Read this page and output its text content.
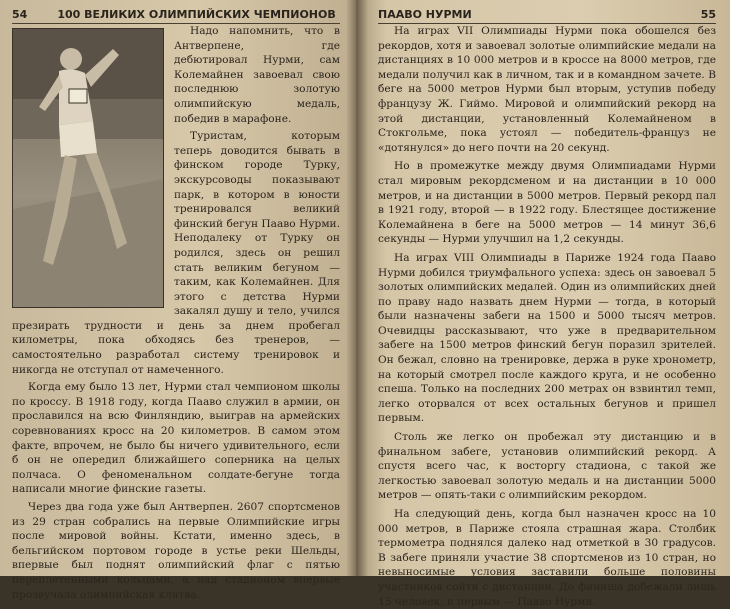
54	100 ВЕЛИКИХ ОЛИМПИЙСКИХ ЧЕМПИОНОВ

Надо напомнить, что в Антверпене, где дебютировал Нурми, сам Колемайнен завоевал свою последнюю золотую олимпийскую медаль, победив в марафоне.

Туристам, которым теперь доводится бывать в финском городе Турку, экскурсоводы показывают парк, в котором в юности тренировался великий финский бегун Пааво Нурми. Неподалеку от Турку он родился, здесь он решил стать великим бегуном — таким, как Колемайнен. Для этого с детства Нурми закалял душу и тело, учился презирать трудности и день за днем пробегал километры, пока обходясь без тренеров, — самостоятельно разработал систему тренировок и никогда не отступал от намеченного.

Когда ему было 13 лет, Нурми стал чемпионом школы по кроссу. В 1918 году, когда Пааво служил в армии, он прославился на всю Финляндию, выиграв на армейских соревнованиях кросс на 20 километров. В самом этом факте, впрочем, не было бы ничего удивительного, если б он не опередил ближайшего соперника на целых полчаса. О феноменальном солдате-бегуне тогда написали многие финские газеты.

Через два года уже был Антверпен. 2607 спортсменов из 29 стран собрались на первые Олимпийские игры после мировой войны. Кстати, именно здесь, в бельгийском портовом городе в устье реки Шельды, впервые был поднят олимпийский флаг с пятью переплетенными кольцами, а над стадионом впервые прозвучала олимпийская клятва.

ПААВО НУРМИ	55

На играх VII Олимпиады Нурми пока обошелся без рекордов, хотя и завоевал золотые олимпийские медали на дистанциях в 10 000 метров и в кроссе на 8000 метров, где медали получил как в личном, так и в командном зачете. В беге на 5000 метров Нурми был вторым, уступив победу французу Ж. Гиймо. Мировой и олимпийский рекорд на этой дистанции, установленный Колемайненом в Стокгольме, пока устоял — победитель-француз не «дотянулся» до него почти на 20 секунд.

Но в промежутке между двумя Олимпиадами Нурми стал мировым рекордсменом и на дистанции в 10 000 метров, и на дистанции в 5000 метров. Первый рекорд пал в 1921 году, второй — в 1922 году. Блестящее достижение Колемайнена в беге на 5000 метров — 14 минут 36,6 секунды — Нурми улучшил на 1,2 секунды.

На играх VIII Олимпиады в Париже 1924 года Пааво Нурми добился триумфального успеха: здесь он завоевал 5 золотых олимпийских медалей. Один из олимпийских дней по праву надо назвать днем Нурми — тогда, в который были назначены забеги на 1500 и 5000 тысяч метров. Очевидцы рассказывают, что уже в предварительном забеге на 1500 метров финский бегун поразил зрителей. Он бежал, словно на тренировке, держа в руке хронометр, на который смотрел после каждого круга, и не особенно спеша. Только на последних 200 метрах он взвинтил темп, легко оторвался от всех остальных бегунов и пришел первым.

Столь же легко он пробежал эту дистанцию и в финальном забеге, установив олимпийский рекорд. А спустя всего час, к восторгу стадиона, с такой же легкостью завоевал золотую медаль и на дистанции 5000 метров — опять-таки с олимпийским рекордом.

На следующий день, когда был назначен кросс на 10 000 метров, в Париже стояла страшная жара. Столбик термометра поднялся далеко над отметкой в 30 градусов. В забеге приняли участие 38 спортсменов из 10 стран, но невыносимые условия заставили больше половины участников сойти с дистанции. До финиша добежали лишь 15 человек, и первым — Пааво Нурми.
